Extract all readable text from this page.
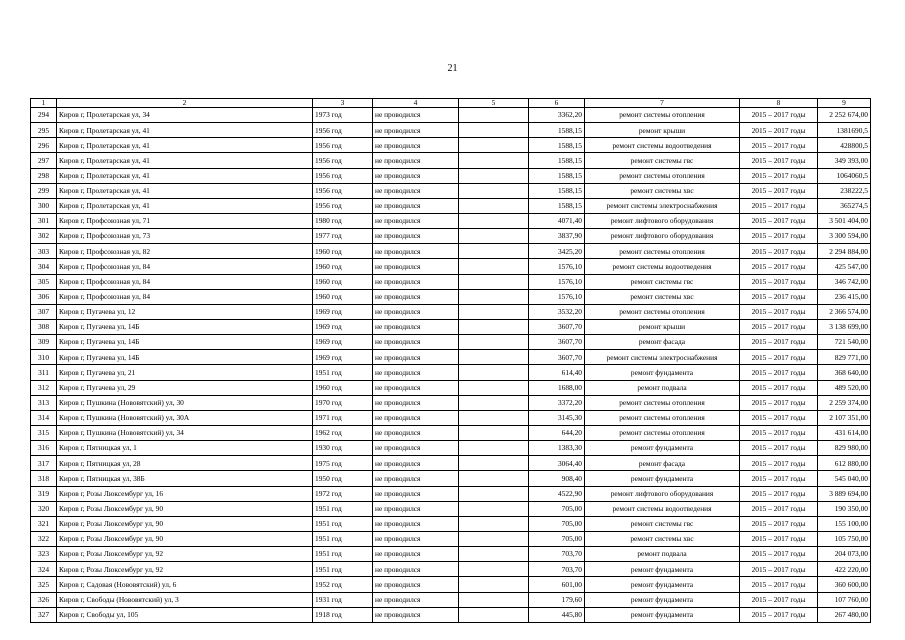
21
1	2	3	4	5	6	7	8	9
294	Киров г, Пролетарская ул, 34	1973 год	не проводился		3362,20	ремонт системы отопления	2015 – 2017 годы	2 252 674,00
295	Киров г, Пролетарская ул, 41	1956 год	не проводился		1588,15	ремонт крыши	2015 – 2017 годы	1381690,5
296	Киров г, Пролетарская ул, 41	1956 год	не проводился		1588,15	ремонт системы водоотведения	2015 – 2017 годы	428800,5
297	Киров г, Пролетарская ул, 41	1956 год	не проводился		1588,15	ремонт системы гвс	2015 – 2017 годы	349 393,00
298	Киров г, Пролетарская ул, 41	1956 год	не проводился		1588,15	ремонт системы отопления	2015 – 2017 годы	1064060,5
299	Киров г, Пролетарская ул, 41	1956 год	не проводился		1588,15	ремонт системы хвс	2015 – 2017 годы	238222,5
300	Киров г, Пролетарская ул, 41	1956 год	не проводился		1588,15	ремонт системы электроснабжения	2015 – 2017 годы	365274,5
301	Киров г, Профсоюзная ул, 71	1980 год	не проводился		4071,40	ремонт лифтового оборудования	2015 – 2017 годы	3 501 404,00
302	Киров г, Профсоюзная ул, 73	1977 год	не проводился		3837,90	ремонт лифтового оборудования	2015 – 2017 годы	3 300 594,00
303	Киров г, Профсоюзная ул, 82	1960 год	не проводился		3425,20	ремонт системы отопления	2015 – 2017 годы	2 294 884,00
304	Киров г, Профсоюзная ул, 84	1960 год	не проводился		1576,10	ремонт системы водоотведения	2015 – 2017 годы	425 547,00
305	Киров г, Профсоюзная ул, 84	1960 год	не проводился		1576,10	ремонт системы гвс	2015 – 2017 годы	346 742,00
306	Киров г, Профсоюзная ул, 84	1960 год	не проводился		1576,10	ремонт системы хвс	2015 – 2017 годы	236 415,00
307	Киров г, Пугачева ул, 12	1969 год	не проводился		3532,20	ремонт системы отопления	2015 – 2017 годы	2 366 574,00
308	Киров г, Пугачева ул, 14Б	1969 год	не проводился		3607,70	ремонт крыши	2015 – 2017 годы	3 138 699,00
309	Киров г, Пугачева ул, 14Б	1969 год	не проводился		3607,70	ремонт фасада	2015 – 2017 годы	721 540,00
310	Киров г, Пугачева ул, 14Б	1969 год	не проводился		3607,70	ремонт системы электроснабжения	2015 – 2017 годы	829 771,00
311	Киров г, Пугачева ул, 21	1951 год	не проводился		614,40	ремонт фундамента	2015 – 2017 годы	368 640,00
312	Киров г, Пугачева ул, 29	1960 год	не проводился		1688,00	ремонт подвала	2015 – 2017 годы	489 520,00
313	Киров г, Пушкина (Нововятский) ул, 30	1970 год	не проводился		3372,20	ремонт системы отопления	2015 – 2017 годы	2 259 374,00
314	Киров г, Пушкина (Нововятский) ул, 30А	1971 год	не проводился		3145,30	ремонт системы отопления	2015 – 2017 годы	2 107 351,00
315	Киров г, Пушкина (Нововятский) ул, 34	1962 год	не проводился		644,20	ремонт системы отопления	2015 – 2017 годы	431 614,00
316	Киров г, Пятницкая ул, 1	1930 год	не проводился		1383,30	ремонт фундамента	2015 – 2017 годы	829 980,00
317	Киров г, Пятницкая ул, 28	1975 год	не проводился		3064,40	ремонт фасада	2015 – 2017 годы	612 880,00
318	Киров г, Пятницкая ул, 38Б	1950 год	не проводился		908,40	ремонт фундамента	2015 – 2017 годы	545 040,00
319	Киров г, Розы Люксембург ул, 16	1972 год	не проводился		4522,90	ремонт лифтового оборудования	2015 – 2017 годы	3 889 694,00
320	Киров г, Розы Люксембург ул, 90	1951 год	не проводился		705,00	ремонт системы водоотведения	2015 – 2017 годы	190 350,00
321	Киров г, Розы Люксембург ул, 90	1951 год	не проводился		705,00	ремонт системы гвс	2015 – 2017 годы	155 100,00
322	Киров г, Розы Люксембург ул, 90	1951 год	не проводился		705,00	ремонт системы хвс	2015 – 2017 годы	105 750,00
323	Киров г, Розы Люксембург ул, 92	1951 год	не проводился		703,70	ремонт подвала	2015 – 2017 годы	204 073,00
324	Киров г, Розы Люксембург ул, 92	1951 год	не проводился		703,70	ремонт фундамента	2015 – 2017 годы	422 220,00
325	Киров г, Садовая (Нововятский) ул, 6	1952 год	не проводился		601,00	ремонт фундамента	2015 – 2017 годы	360 600,00
326	Киров г, Свободы (Нововятский) ул, 3	1931 год	не проводился		179,60	ремонт фундамента	2015 – 2017 годы	107 760,00
327	Киров г, Свободы ул, 105	1918 год	не проводился		445,80	ремонт фундамента	2015 – 2017 годы	267 480,00
